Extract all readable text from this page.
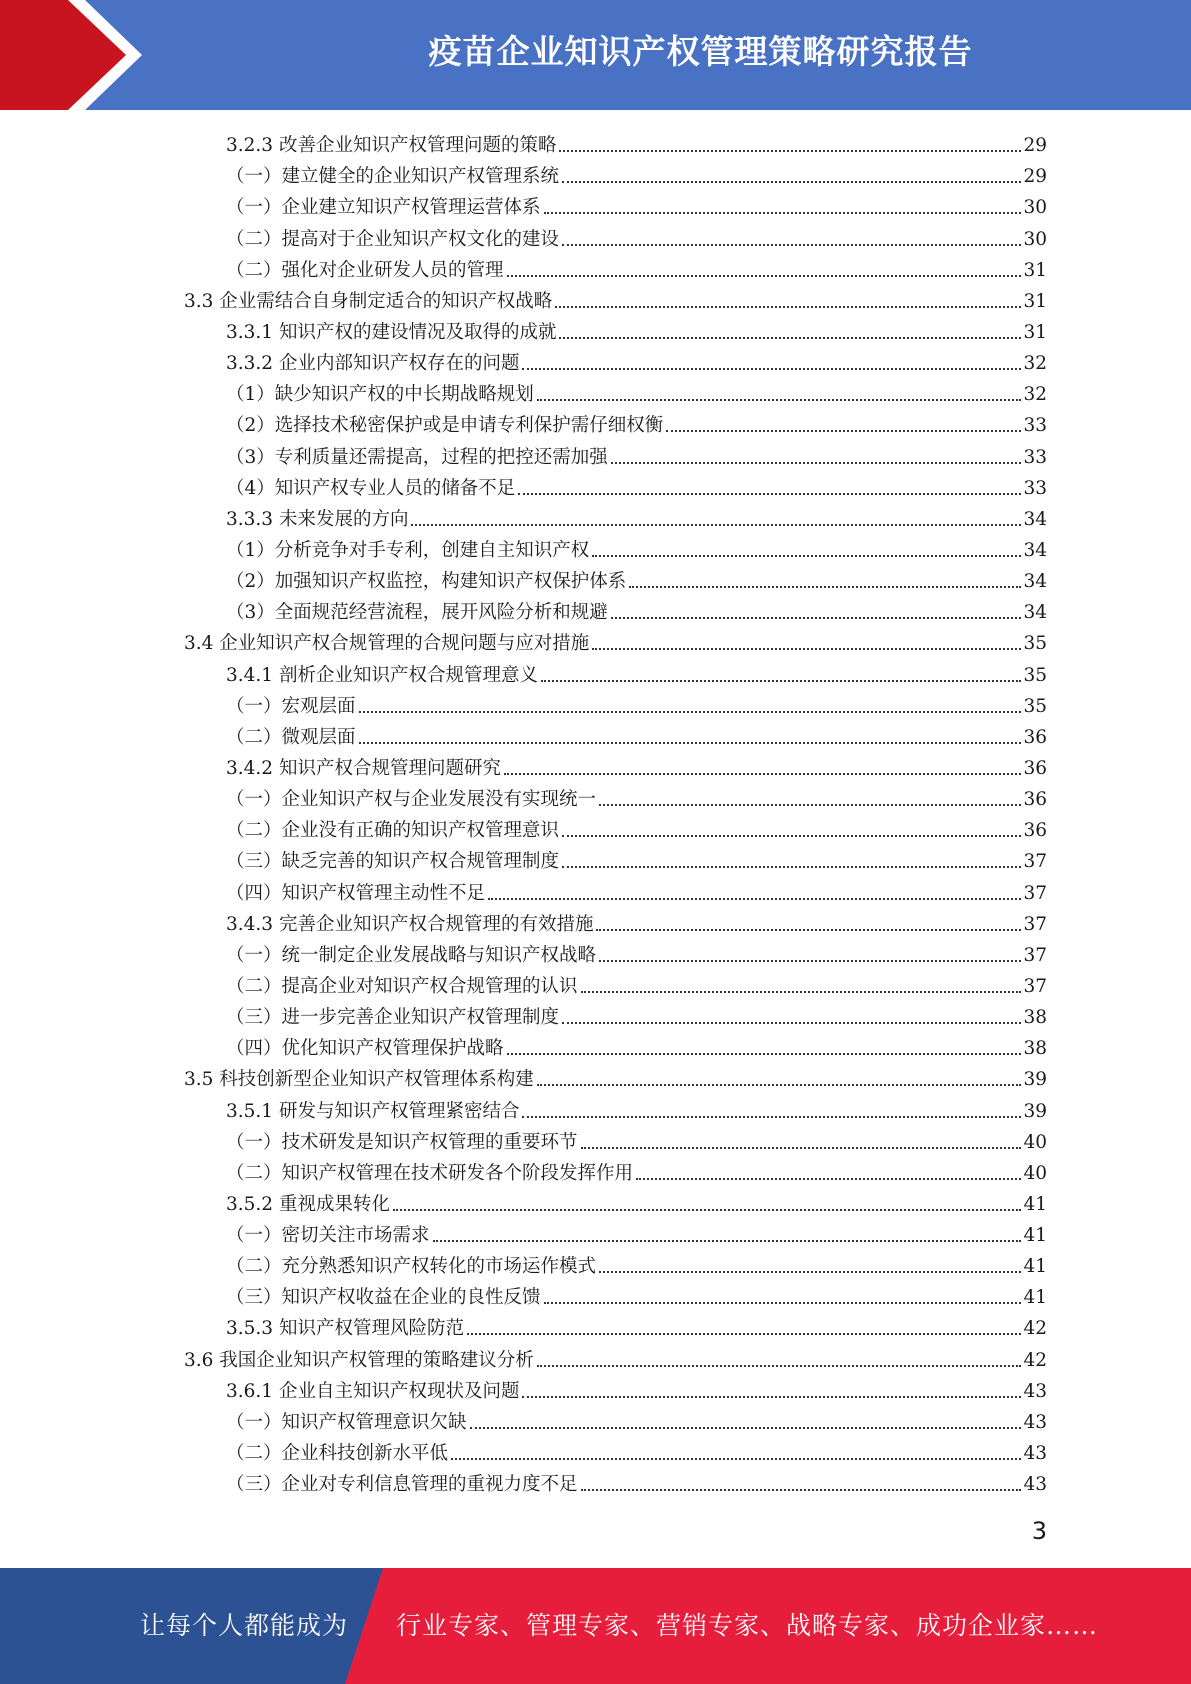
疫苗企业知识产权管理策略研究报告
3.2.3 改善企业知识产权管理问题的策略	29
（一）建立健全的企业知识产权管理系统	29
（一）企业建立知识产权管理运营体系	30
（二）提高对于企业知识产权文化的建设	30
（二）强化对企业研发人员的管理	31
3.3 企业需结合自身制定适合的知识产权战略	31
3.3.1 知识产权的建设情况及取得的成就	31
3.3.2 企业内部知识产权存在的问题	32
（1）缺少知识产权的中长期战略规划	32
（2）选择技术秘密保护或是申请专利保护需仔细权衡	33
（3）专利质量还需提高，过程的把控还需加强	33
（4）知识产权专业人员的储备不足	33
3.3.3 未来发展的方向	34
（1）分析竞争对手专利，创建自主知识产权	34
（2）加强知识产权监控，构建知识产权保护体系	34
（3）全面规范经营流程，展开风险分析和规避	34
3.4 企业知识产权合规管理的合规问题与应对措施	35
3.4.1 剖析企业知识产权合规管理意义	35
（一）宏观层面	35
（二）微观层面	36
3.4.2 知识产权合规管理问题研究	36
（一）企业知识产权与企业发展没有实现统一	36
（二）企业没有正确的知识产权管理意识	36
（三）缺乏完善的知识产权合规管理制度	37
（四）知识产权管理主动性不足	37
3.4.3 完善企业知识产权合规管理的有效措施	37
（一）统一制定企业发展战略与知识产权战略	37
（二）提高企业对知识产权合规管理的认识	37
（三）进一步完善企业知识产权管理制度	38
（四）优化知识产权管理保护战略	38
3.5 科技创新型企业知识产权管理体系构建	39
3.5.1 研发与知识产权管理紧密结合	39
（一）技术研发是知识产权管理的重要环节	40
（二）知识产权管理在技术研发各个阶段发挥作用	40
3.5.2 重视成果转化	41
（一）密切关注市场需求	41
（二）充分熟悉知识产权转化的市场运作模式	41
（三）知识产权收益在企业的良性反馈	41
3.5.3 知识产权管理风险防范	42
3.6 我国企业知识产权管理的策略建议分析	42
3.6.1 企业自主知识产权现状及问题	43
（一）知识产权管理意识欠缺	43
（二）企业科技创新水平低	43
（三）企业对专利信息管理的重视力度不足	43
3
让每个人都能成为 行业专家、管理专家、营销专家、战略专家、成功企业家……
